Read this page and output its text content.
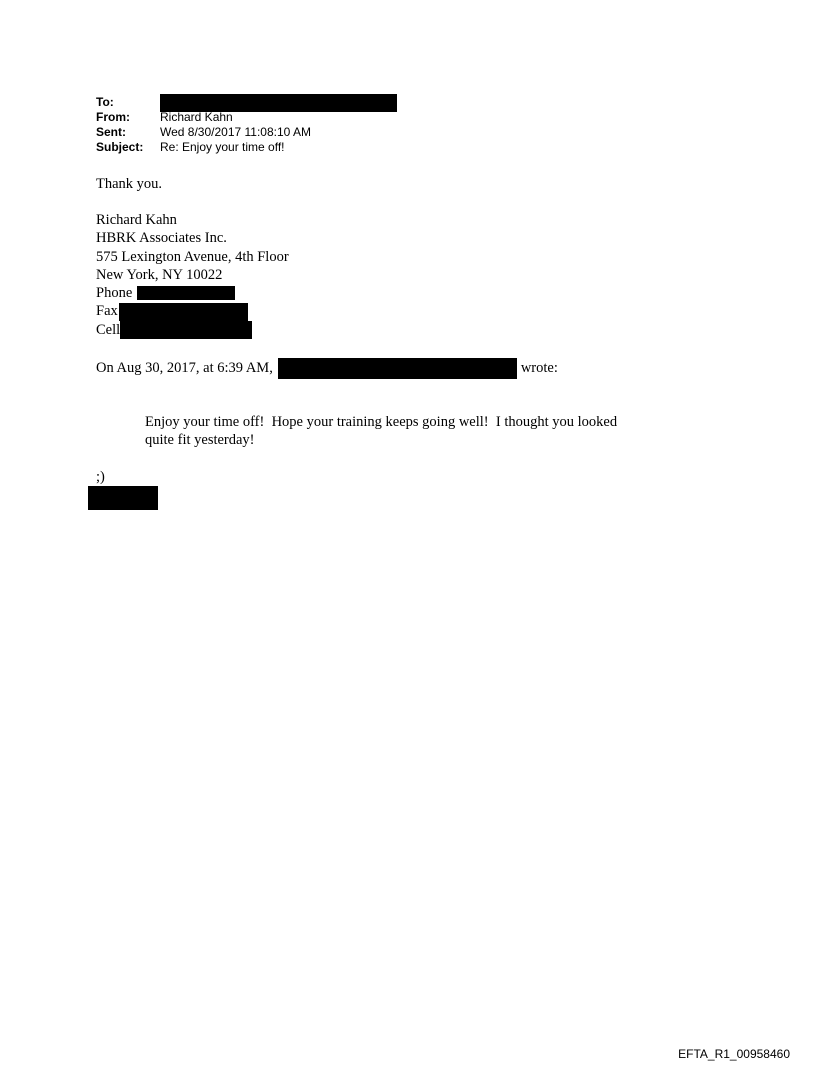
To:
From:	Richard Kahn
Sent:	Wed 8/30/2017 11:08:10 AM
Subject:	Re: Enjoy your time off!
Thank you.
Richard Kahn
HBRK Associates Inc.
575 Lexington Avenue, 4th Floor
New York, NY 10022
Phone
Fax
Cell
On Aug 30, 2017, at 6:39 AM,	wrote:
Enjoy your time off!  Hope your training keeps going well!  I thought you looked
quite fit yesterday!
;)
EFTA_R1_00958460
